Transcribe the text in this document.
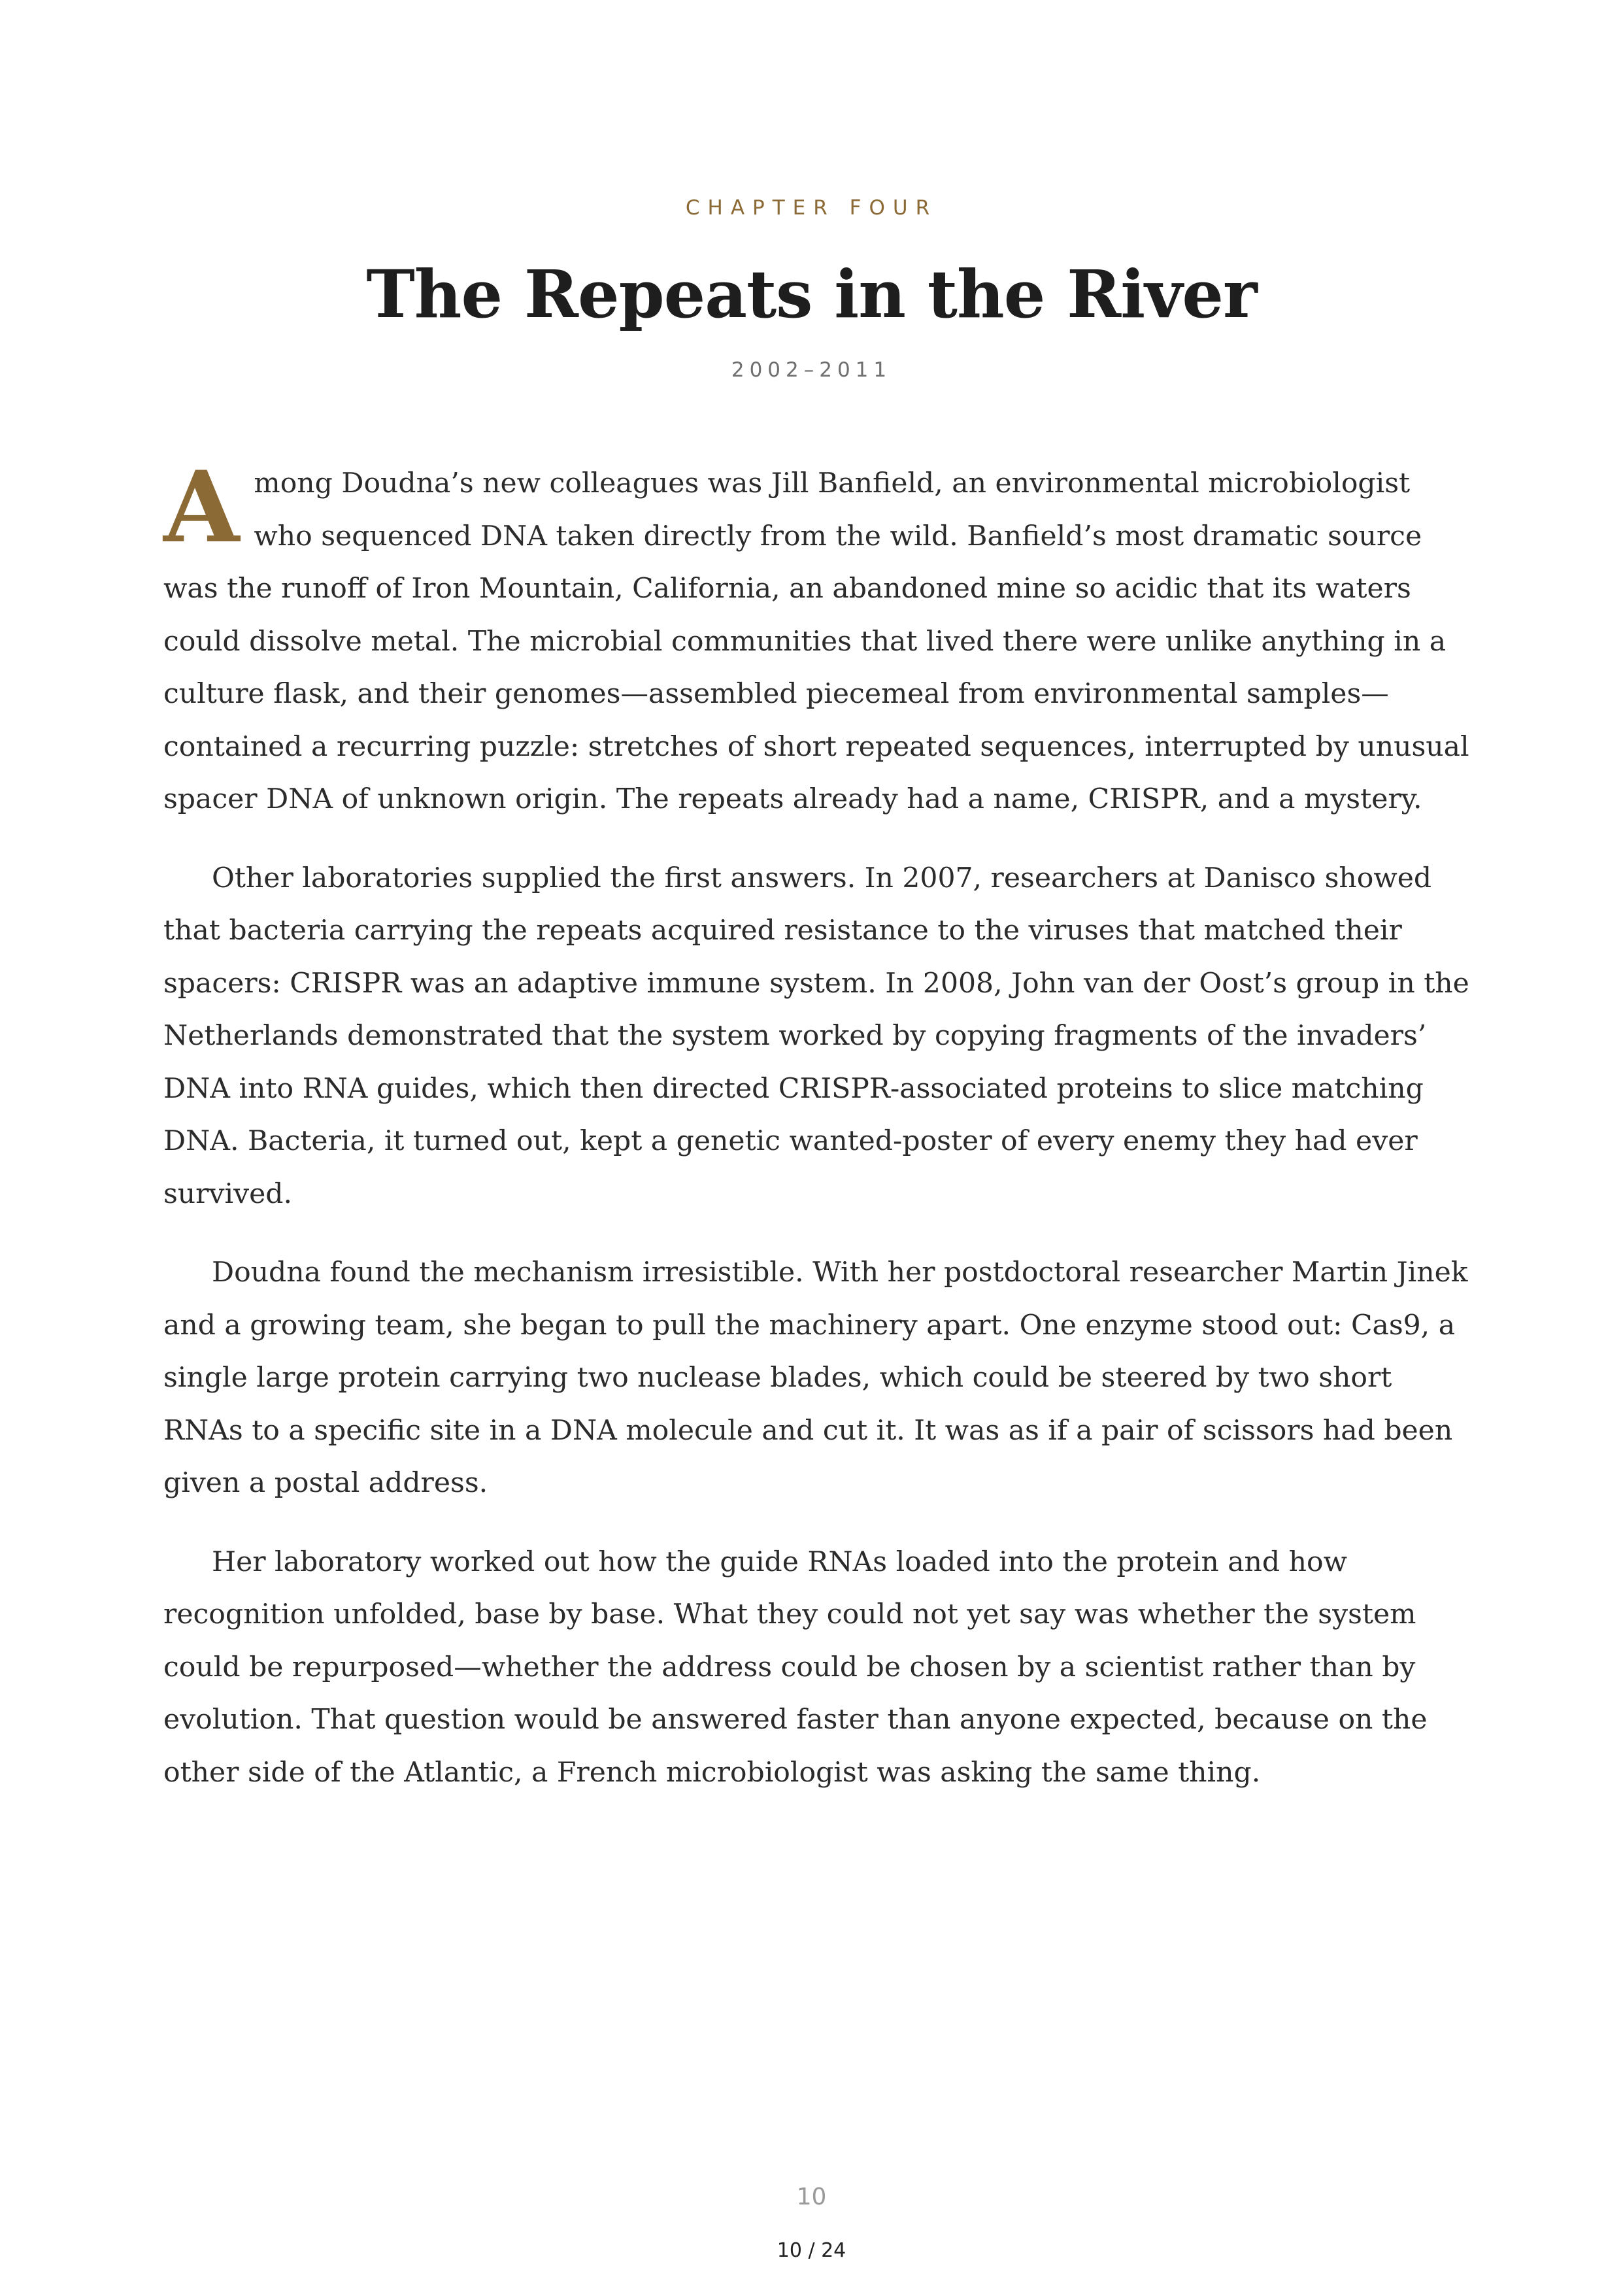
CHAPTER FOUR
The Repeats in the River
2002–2011

Among Doudna’s new colleagues was Jill Banfield, an environmental microbiologist who sequenced DNA taken directly from the wild. Banfield’s most dramatic source was the runoff of Iron Mountain, California, an abandoned mine so acidic that its waters could dissolve metal. The microbial communities that lived there were unlike anything in a culture flask, and their genomes—assembled piecemeal from environmental samples—contained a recurring puzzle: stretches of short repeated sequences, interrupted by unusual spacer DNA of unknown origin. The repeats already had a name, CRISPR, and a mystery.

Other laboratories supplied the first answers. In 2007, researchers at Danisco showed that bacteria carrying the repeats acquired resistance to the viruses that matched their spacers: CRISPR was an adaptive immune system. In 2008, John van der Oost’s group in the Netherlands demonstrated that the system worked by copying fragments of the invaders’ DNA into RNA guides, which then directed CRISPR-associated proteins to slice matching DNA. Bacteria, it turned out, kept a genetic wanted-poster of every enemy they had ever survived.

Doudna found the mechanism irresistible. With her postdoctoral researcher Martin Jinek and a growing team, she began to pull the machinery apart. One enzyme stood out: Cas9, a single large protein carrying two nuclease blades, which could be steered by two short RNAs to a specific site in a DNA molecule and cut it. It was as if a pair of scissors had been given a postal address.

Her laboratory worked out how the guide RNAs loaded into the protein and how recognition unfolded, base by base. What they could not yet say was whether the system could be repurposed—whether the address could be chosen by a scientist rather than by evolution. That question would be answered faster than anyone expected, because on the other side of the Atlantic, a French microbiologist was asking the same thing.

10
10 / 24
